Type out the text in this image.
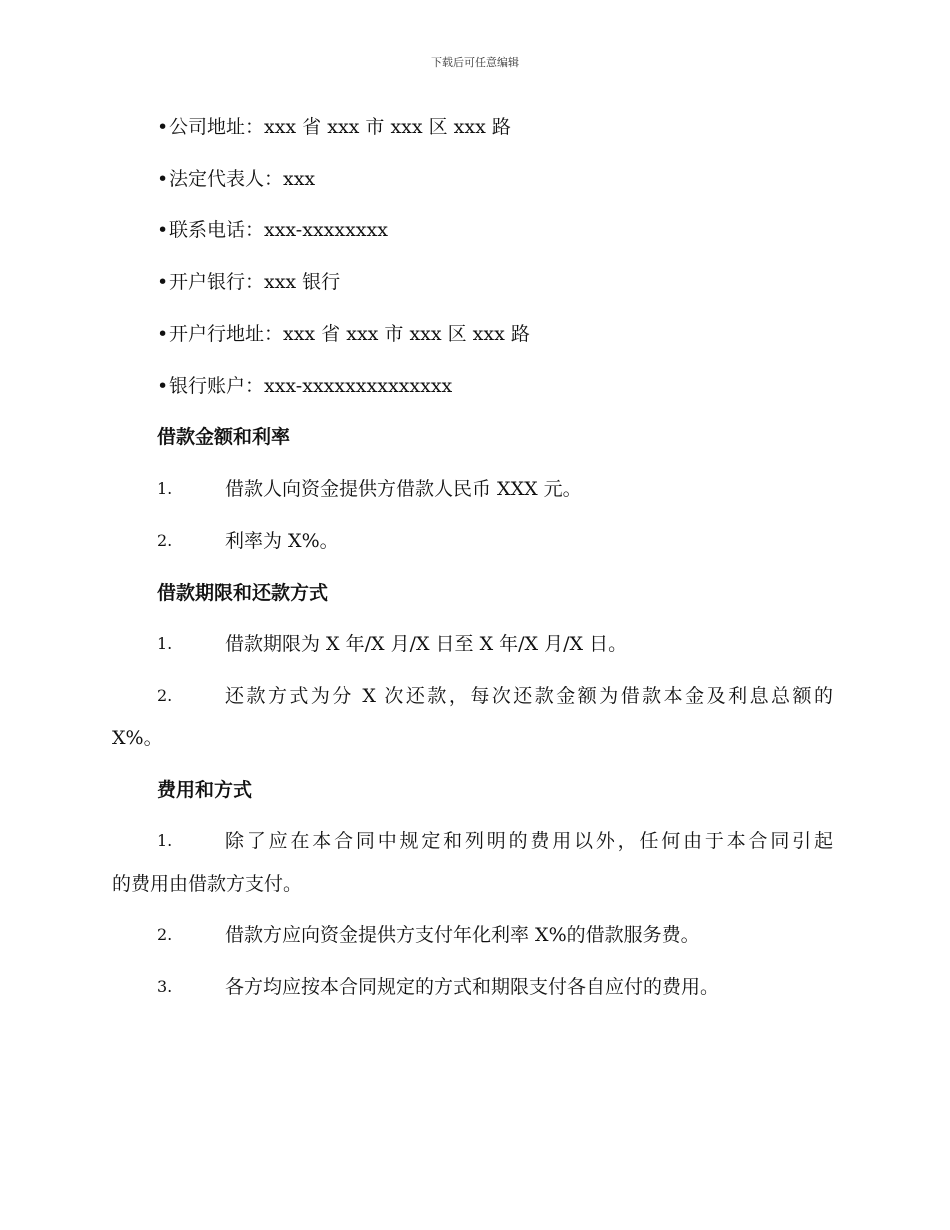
下载后可任意编辑
•公司地址：xxx 省 xxx 市 xxx 区 xxx 路
•法定代表人：xxx
•联系电话：xxx-xxxxxxxx
•开户银行：xxx 银行
•开户行地址：xxx 省 xxx 市 xxx 区 xxx 路
•银行账户：xxx-xxxxxxxxxxxxxx
借款金额和利率
1.	借款人向资金提供方借款人民币 XXX 元。
2.	利率为 X%。
借款期限和还款方式
1.	借款期限为 X 年/X 月/X 日至 X 年/X 月/X 日。
2.	还款方式为分 X 次还款，每次还款金额为借款本金及利息总额的
X%。
费用和方式
1.	除了应在本合同中规定和列明的费用以外，任何由于本合同引起
的费用由借款方支付。
2.	借款方应向资金提供方支付年化利率 X%的借款服务费。
3.	各方均应按本合同规定的方式和期限支付各自应付的费用。
